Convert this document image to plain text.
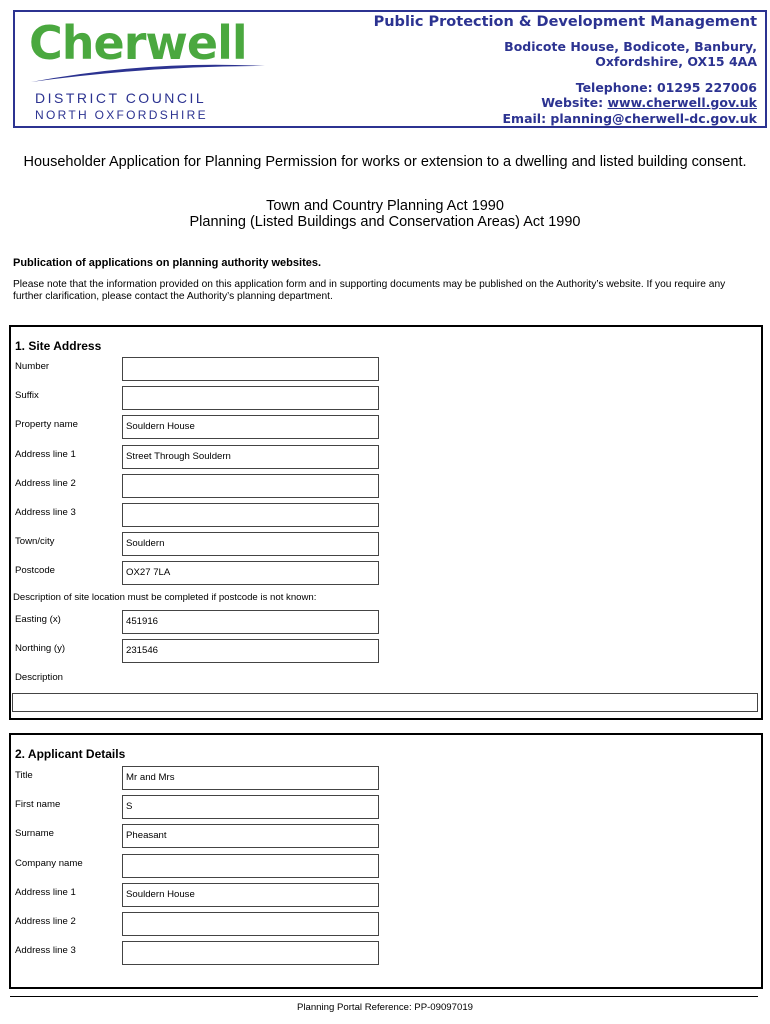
Cherwell
DISTRICT COUNCIL
NORTH OXFORDSHIRE
Public Protection & Development Management
Bodicote House, Bodicote, Banbury,
Oxfordshire, OX15 4AA
Telephone: 01295 227006
Website: www.cherwell.gov.uk
Email: planning@cherwell-dc.gov.uk
Householder Application for Planning Permission for works or extension to a dwelling and listed building consent.
Town and Country Planning Act 1990
Planning (Listed Buildings and Conservation Areas) Act 1990
Publication of applications on planning authority websites.
Please note that the information provided on this application form and in supporting documents may be published on the Authority’s website. If you require any further clarification, please contact the Authority’s planning department.
1. Site Address
Number
Suffix
Property name	Souldern House
Address line 1	Street Through Souldern
Address line 2
Address line 3
Town/city	Souldern
Postcode	OX27 7LA
Description of site location must be completed if postcode is not known:
Easting (x)	451916
Northing (y)	231546
Description
2. Applicant Details
Title	Mr and Mrs
First name	S
Surname	Pheasant
Company name
Address line 1	Souldern House
Address line 2
Address line 3
Planning Portal Reference: PP-09097019
